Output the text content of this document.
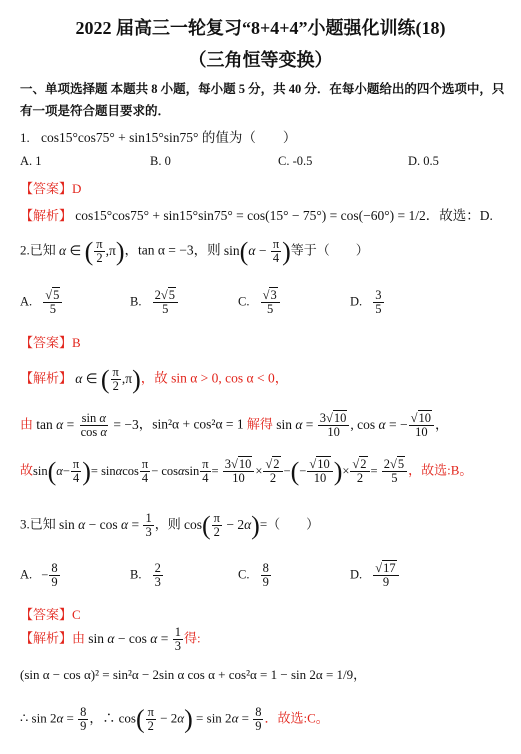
2022 届高三一轮复习“8+4+4”小题强化训练(18)
（三角恒等变换）
一、单项选择题 本题共 8 小题，每小题 5 分，共 40 分．在每小题给出的四个选项中，只有一项是符合题目要求的．
1. cos15°cos75° + sin15°sin75° 的值为（　　）
A. 1	B. 0	C. -0.5	D. 0.5
【答案】D
【解析】 cos15°cos75° + sin15°sin75° = cos(15° − 75°) = cos(−60°) = 1/2．故选：D.
2.已知 α ∈ ( $\frac{\pi}{2} ,\pi$)，tan α = −3，则 $\sin(\alpha - \frac{\pi}{4}$ )等于（　　）
A. $\frac{√5}{5}$	B. $\frac{2√5}{5}$	C. $\frac{√3}{5}$	D. $\frac{3}{5}$
【答案】B
【解析】 α ∈ ( $\frac{\pi}{2} ,\pi$)，故 sin α > 0, cos α < 0，
由 $\tan \alpha = \frac{\text{sin α}}{\text{cos α}} = -3$，sin²α + cos²α = 1 解得 $\sin \alpha = \frac{3√10}{10}$ , cos α = − $\frac{√10}{10}$ ，
故$\sin(\alpha- \frac{\pi}{4}$ )= sinαcos $\frac{\pi}{4} - \cos\alpha\sin \frac{\pi}{4} = \frac{3√10}{10} \times \frac{√2}{2}$ −(− $\frac{√10}{10}$ )× $\frac{√2}{2} = \frac{2√5}{5}$ ，故选:B。
3.已知 $\sin \alpha - \cos \alpha = \frac{1}{3}$ ，则 $\cos( \frac{\pi}{2} - 2\alpha)=$（　　）
A. − $\frac{8}{9}$	B. $\frac{2}{3}$	C. $\frac{8}{9}$	D. $\frac{√17}{9}$
【答案】C
【解析】由 $\sin \alpha - \cos \alpha = \frac{1}{3}$ 得:
(sin α − cos α)² = sin²α − 2sin α cos α + cos²α = 1 − sin 2α = 1/9，
∴ $\sin 2\alpha = \frac{8}{9}$ ，∴ $\cos( \frac{\pi}{2} - 2\alpha) = \sin 2\alpha = \frac{8}{9}$ ．故选:C。
